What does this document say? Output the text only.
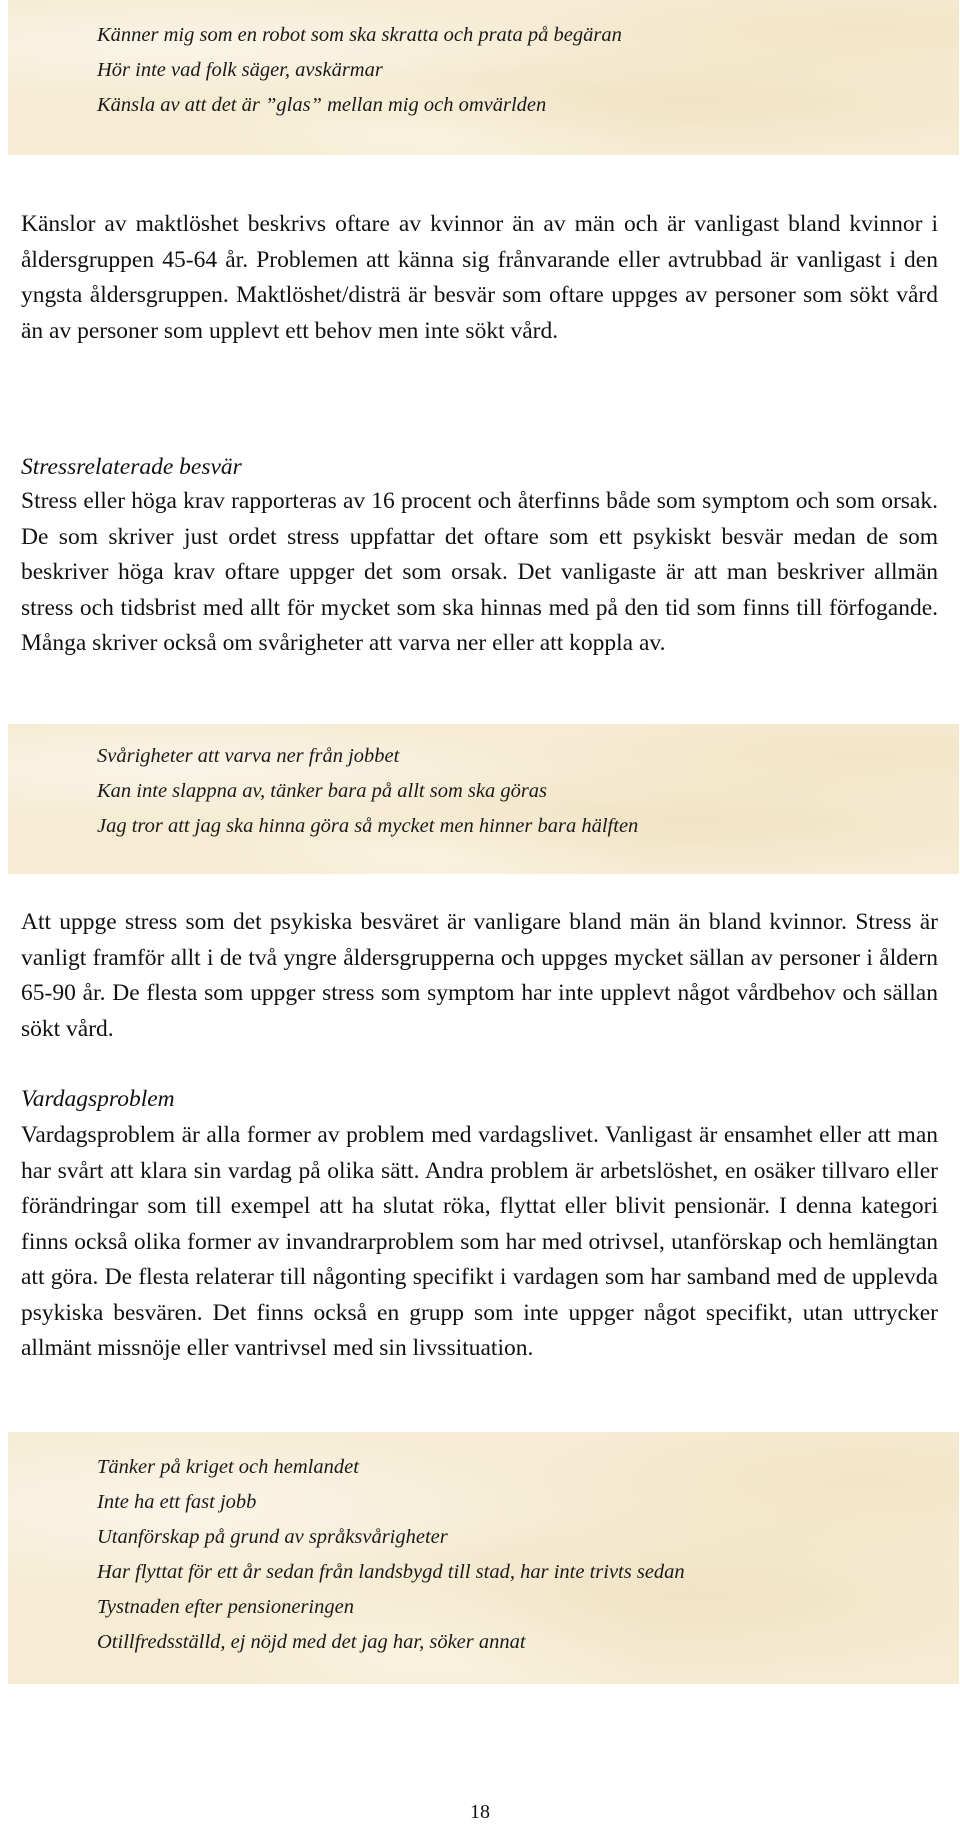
Känner mig som en robot som ska skratta och prata på begäran
Hör inte vad folk säger, avskärmar
Känsla av att det är ”glas” mellan mig och omvärlden

Känslor av maktlöshet beskrivs oftare av kvinnor än av män och är vanligast bland kvinnor i åldersgruppen 45-64 år. Problemen att känna sig frånvarande eller avtrubbad är vanligast i den yngsta åldersgruppen. Maktlöshet/disträ är besvär som oftare uppges av personer som sökt vård än av personer som upplevt ett behov men inte sökt vård.

Stressrelaterade besvär

Stress eller höga krav rapporteras av 16 procent och återfinns både som symptom och som orsak. De som skriver just ordet stress uppfattar det oftare som ett psykiskt besvär medan de som beskriver höga krav oftare uppger det som orsak. Det vanligaste är att man beskriver allmän stress och tidsbrist med allt för mycket som ska hinnas med på den tid som finns till förfogande. Många skriver också om svårigheter att varva ner eller att koppla av.

Svårigheter att varva ner från jobbet
Kan inte slappna av, tänker bara på allt som ska göras
Jag tror att jag ska hinna göra så mycket men hinner bara hälften

Att uppge stress som det psykiska besväret är vanligare bland män än bland kvinnor. Stress är vanligt framför allt i de två yngre åldersgrupperna och uppges mycket sällan av personer i åldern 65-90 år. De flesta som uppger stress som symptom har inte upplevt något vårdbehov och sällan sökt vård.

Vardagsproblem

Vardagsproblem är alla former av problem med vardagslivet. Vanligast är ensamhet eller att man har svårt att klara sin vardag på olika sätt. Andra problem är arbetslöshet, en osäker tillvaro eller förändringar som till exempel att ha slutat röka, flyttat eller blivit pensionär. I denna kategori finns också olika former av invandrarproblem som har med otrivsel, utanförskap och hemlängtan att göra. De flesta relaterar till någonting specifikt i vardagen som har samband med de upplevda psykiska besvären. Det finns också en grupp som inte uppger något specifikt, utan uttrycker allmänt missnöje eller vantrivsel med sin livssituation.

Tänker på kriget och hemlandet
Inte ha ett fast jobb
Utanförskap på grund av språksvårigheter
Har flyttat för ett år sedan från landsbygd till stad, har inte trivts sedan
Tystnaden efter pensioneringen
Otillfredsställd, ej nöjd med det jag har, söker annat
18
